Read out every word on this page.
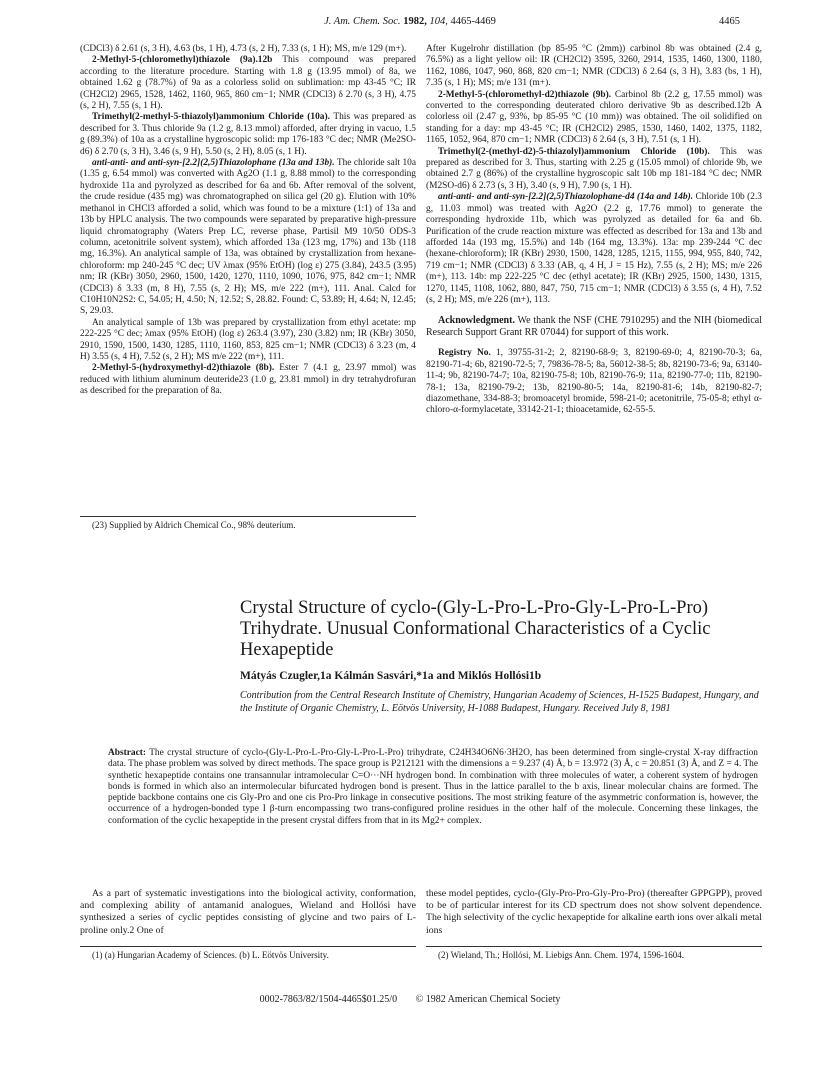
J. Am. Chem. Soc. 1982, 104, 4465-4469	4465

(CDCl3) δ 2.61 (s, 3 H), 4.63 (bs, 1 H), 4.73 (s, 2 H), 7.33 (s, 1 H); MS, m/e 129 (m+).

2-Methyl-5-(chloromethyl)thiazole (9a).12b This compound was prepared according to the literature procedure. Starting with 1.8 g (13.95 mmol) of 8a, we obtained 1.62 g (78.7%) of 9a as a colorless solid on sublimation: mp 43-45 °C; IR (CH2Cl2) 2965, 1528, 1462, 1160, 965, 860 cm−1; NMR (CDCl3) δ 2.70 (s, 3 H), 4.75 (s, 2 H), 7.55 (s, 1 H).

Trimethyl(2-methyl-5-thiazolyl)ammonium Chloride (10a). This was prepared as described for 3. Thus chloride 9a (1.2 g, 8.13 mmol) afforded, after drying in vacuo, 1.5 g (89.3%) of 10a as a crystalline hygroscopic solid: mp 176-183 °C dec; NMR (Me2SO-d6) δ 2.70 (s, 3 H), 3.46 (s, 9 H), 5.50 (s, 2 H), 8.05 (s, 1 H).

anti-anti- and anti-syn-[2.2](2,5)Thiazolophane (13a and 13b). The chloride salt 10a (1.35 g, 6.54 mmol) was converted with Ag2O (1.1 g, 8.88 mmol) to the corresponding hydroxide 11a and pyrolyzed as described for 6a and 6b. After removal of the solvent, the crude residue (435 mg) was chromatographed on silica gel (20 g). Elution with 10% methanol in CHCl3 afforded a solid, which was found to be a mixture (1:1) of 13a and 13b by HPLC analysis. The two compounds were separated by preparative high-pressure liquid chromatography (Waters Prep LC, reverse phase, Partisil M9 10/50 ODS-3 column, acetonitrile solvent system), which afforded 13a (123 mg, 17%) and 13b (118 mg, 16.3%). An analytical sample of 13a, was obtained by crystallization from hexane-chloroform: mp 240-245 °C dec; UV λmax (95% EtOH) (log ε) 275 (3.84), 243.5 (3.95) nm; IR (KBr) 3050, 2960, 1500, 1420, 1270, 1110, 1090, 1076, 975, 842 cm−1; NMR (CDCl3) δ 3.33 (m, 8 H), 7.55 (s, 2 H); MS, m/e 222 (m+), 111. Anal. Calcd for C10H10N2S2: C, 54.05; H, 4.50; N, 12.52; S, 28.82. Found: C, 53.89; H, 4.64; N, 12.45; S, 29.03.

An analytical sample of 13b was prepared by crystallization from ethyl acetate: mp 222-225 °C dec; λmax (95% EtOH) (log ε) 263.4 (3.97), 230 (3.82) nm; IR (KBr) 3050, 2910, 1590, 1500, 1430, 1285, 1110, 1160, 853, 825 cm−1; NMR (CDCl3) δ 3.23 (m, 4 H) 3.55 (s, 4 H), 7.52 (s, 2 H); MS m/e 222 (m+), 111.

2-Methyl-5-(hydroxymethyl-d2)thiazole (8b). Ester 7 (4.1 g, 23.97 mmol) was reduced with lithium aluminum deuteride23 (1.0 g, 23.81 mmol) in dry tetrahydrofuran as described for the preparation of 8a.

After Kugelrohr distillation (bp 85-95 °C (2mm)) carbinol 8b was obtained (2.4 g, 76.5%) as a light yellow oil: IR (CH2Cl2) 3595, 3260, 2914, 1535, 1460, 1300, 1180, 1162, 1086, 1047, 960, 868, 820 cm−1; NMR (CDCl3) δ 2.64 (s, 3 H), 3.83 (bs, 1 H), 7.35 (s, 1 H); MS; m/e 131 (m+).

2-Methyl-5-(chloromethyl-d2)thiazole (9b). Carbinol 8b (2.2 g, 17.55 mmol) was converted to the corresponding deuterated chloro derivative 9b as described.12b A colorless oil (2.47 g, 93%, bp 85-95 °C (10 mm)) was obtained. The oil solidified on standing for a day: mp 43-45 °C; IR (CH2Cl2) 2985, 1530, 1460, 1402, 1375, 1182, 1165, 1052, 964, 870 cm−1; NMR (CDCl3) δ 2.64 (s, 3 H), 7.51 (s, 1 H).

Trimethyl(2-(methyl-d2)-5-thiazolyl)ammonium Chloride (10b). This was prepared as described for 3. Thus, starting with 2.25 g (15.05 mmol) of chloride 9b, we obtained 2.7 g (86%) of the crystalline hygroscopic salt 10b mp 181-184 °C dec; NMR (M2SO-d6) δ 2.73 (s, 3 H), 3.40 (s, 9 H), 7.90 (s, 1 H).

anti-anti- and anti-syn-[2.2](2,5)Thiazolophane-d4 (14a and 14b). Chloride 10b (2.3 g, 11.03 mmol) was treated with Ag2O (2.2 g, 17.76 mmol) to generate the corresponding hydroxide 11b, which was pyrolyzed as detailed for 6a and 6b. Purification of the crude reaction mixture was effected as described for 13a and 13b and afforded 14a (193 mg, 15.5%) and 14b (164 mg, 13.3%). 13a: mp 239-244 °C dec (hexane-chloroform); IR (KBr) 2930, 1500, 1428, 1285, 1215, 1155, 994, 955, 840, 742, 719 cm−1; NMR (CDCl3) δ 3.33 (AB, q, 4 H, J = 15 Hz), 7.55 (s, 2 H); MS; m/e 226 (m+), 113. 14b: mp 222-225 °C dec (ethyl acetate); IR (KBr) 2925, 1500, 1430, 1315, 1270, 1145, 1108, 1062, 880, 847, 750, 715 cm−1; NMR (CDCl3) δ 3.55 (s, 4 H), 7.52 (s, 2 H); MS, m/e 226 (m+), 113.

Acknowledgment. We thank the NSF (CHE 7910295) and the NIH (biomedical Research Support Grant RR 07044) for support of this work.

Registry No. 1, 39755-31-2; 2, 82190-68-9; 3, 82190-69-0; 4, 82190-70-3; 6a, 82190-71-4; 6b, 82190-72-5; 7, 79836-78-5; 8a, 56012-38-5; 8b, 82190-73-6; 9a, 63140-11-4; 9b, 82190-74-7; 10a, 82190-75-8; 10b, 82190-76-9; 11a, 82190-77-0; 11b, 82190-78-1; 13a, 82190-79-2; 13b, 82190-80-5; 14a, 82190-81-6; 14b, 82190-82-7; diazomethane, 334-88-3; bromoacetyl bromide, 598-21-0; acetonitrile, 75-05-8; ethyl α-chloro-α-formylacetate, 33142-21-1; thioacetamide, 62-55-5.

(23) Supplied by Aldrich Chemical Co., 98% deuterium.
Crystal Structure of cyclo-(Gly-L-Pro-L-Pro-Gly-L-Pro-L-Pro) Trihydrate. Unusual Conformational Characteristics of a Cyclic Hexapeptide
Mátyás Czugler,1a Kálmán Sasvári,*1a and Miklós Hollósi1b
Contribution from the Central Research Institute of Chemistry, Hungarian Academy of Sciences, H-1525 Budapest, Hungary, and the Institute of Organic Chemistry, L. Eötvös University, H-1088 Budapest, Hungary. Received July 8, 1981
Abstract: The crystal structure of cyclo-(Gly-L-Pro-L-Pro-Gly-L-Pro-L-Pro) trihydrate, C24H34O6N6·3H2O, has been determined from single-crystal X-ray diffraction data. The phase problem was solved by direct methods. The space group is P212121 with the dimensions a = 9.237 (4) Å, b = 13.972 (3) Å, c = 20.851 (3) Å, and Z = 4. The synthetic hexapeptide contains one transannular intramolecular C=O···NH hydrogen bond. In combination with three molecules of water, a coherent system of hydrogen bonds is formed in which also an intermolecular bifurcated hydrogen bond is present. Thus in the lattice parallel to the b axis, linear molecular chains are formed. The peptide backbone contains one cis Gly-Pro and one cis Pro-Pro linkage in consecutive positions. The most striking feature of the asymmetric conformation is, however, the occurrence of a hydrogen-bonded type I β-turn encompassing two trans-configured proline residues in the other half of the molecule. Concerning these linkages, the conformation of the cyclic hexapeptide in the present crystal differs from that in its Mg2+ complex.

As a part of systematic investigations into the biological activity, conformation, and complexing ability of antamanid analogues, Wieland and Hollósi have synthesized a series of cyclic peptides consisting of glycine and two pairs of L-proline only.2 One of

these model peptides, cyclo-(Gly-Pro-Pro-Gly-Pro-Pro) (thereafter GPPGPP), proved to be of particular interest for its CD spectrum does not show solvent dependence. The high selectivity of the cyclic hexapeptide for alkaline earth ions over alkali metal ions

(1) (a) Hungarian Academy of Sciences. (b) L. Eötvös University.	(2) Wieland, Th.; Hollósi, M. Liebigs Ann. Chem. 1974, 1596-1604.
0002-7863/82/1504-4465$01.25/0 © 1982 American Chemical Society
